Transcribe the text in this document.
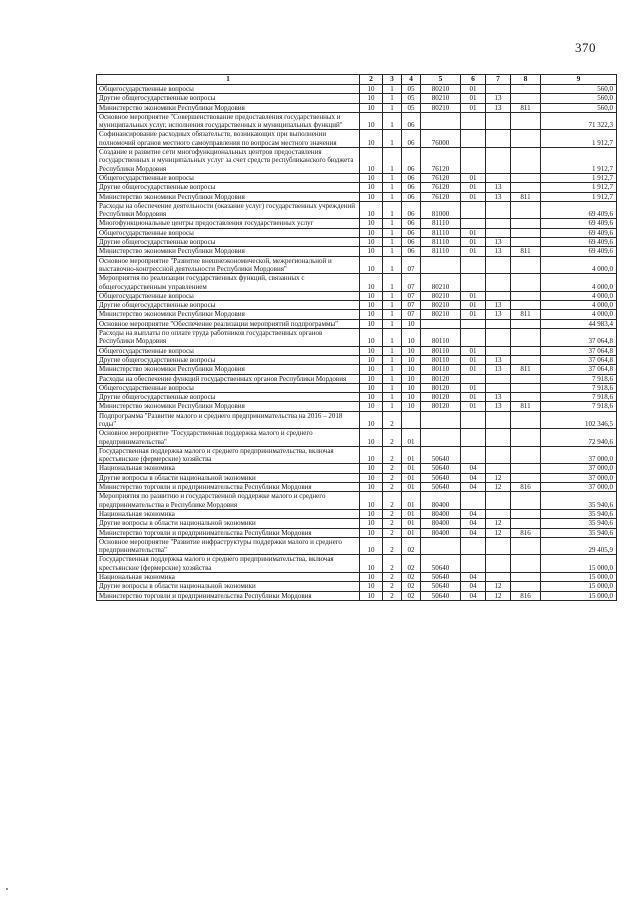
370
1	2	3	4	5	6	7	8	9
Общегосударственные вопросы	10	1	05	80210	01			560,0
Другие общегосударственные вопросы	10	1	05	80210	01	13		560,0
Министерство экономики Республики Мордовия	10	1	05	80210	01	13	811	560,0
Основное мероприятие "Совершенствование предоставления государственных и муниципальных услуг, исполнения государственных и муниципальных функций"	10	1	06					71 322,3
Софинансирование расходных обязательств, возникающих при выполнении полномочий органов местного самоуправления по вопросам местного значения	10	1	06	76000				1 912,7
Создание и развитие сети многофункциональных центров предоставления государственных и муниципальных услуг за счет средств республиканского бюджета Республики Мордовия	10	1	06	76120				1 912,7
Общегосударственные вопросы	10	1	06	76120	01			1 912,7
Другие общегосударственные вопросы	10	1	06	76120	01	13		1 912,7
Министерство экономики Республики Мордовия	10	1	06	76120	01	13	811	1 912,7
Расходы на обеспечение деятельности (оказание услуг) государственных учреждений Республики Мордовия	10	1	06	81000				69 409,6
Многофункциональные центры предоставления государственных услуг	10	1	06	81110				69 409,6
Общегосударственные вопросы	10	1	06	81110	01			69 409,6
Другие общегосударственные вопросы	10	1	06	81110	01	13		69 409,6
Министерство экономики Республики Мордовия	10	1	06	81110	01	13	811	69 409,6
Основное мероприятие "Развитие внешнеэкономической, межрегиональной и выставочно-конгрессной деятельности Республики Мордовия"	10	1	07					4 000,0
Мероприятия по реализации государственных функций, связанных с общегосударственным управлением	10	1	07	80210				4 000,0
Общегосударственные вопросы	10	1	07	80210	01			4 000,0
Другие общегосударственные вопросы	10	1	07	80210	01	13		4 000,0
Министерство экономики Республики Мордовия	10	1	07	80210	01	13	811	4 000,0
Основное мероприятие "Обеспечение реализации мероприятий подпрограммы"	10	1	10					44 983,4
Расходы на выплаты по оплате труда работников государственных органов Республики Мордовия	10	1	10	80110				37 064,8
Общегосударственные вопросы	10	1	10	80110	01			37 064,8
Другие общегосударственные вопросы	10	1	10	80110	01	13		37 064,8
Министерство экономики Республики Мордовия	10	1	10	80110	01	13	811	37 064,8
Расходы на обеспечение функций государственных органов Республики Мордовия	10	1	10	80120				7 918,6
Общегосударственные вопросы	10	1	10	80120	01			7 918,6
Другие общегосударственные вопросы	10	1	10	80120	01	13		7 918,6
Министерство экономики Республики Мордовия	10	1	10	80120	01	13	811	7 918,6
Подпрограмма "Развитие малого и среднего предпринимательства на 2016 – 2018 годы"	10	2						102 346,5
Основное мероприятие "Государственная поддержка малого и среднего предпринимательства"	10	2	01					72 940,6
Государственная поддержка малого и среднего предпринимательства, включая крестьянские (фермерские) хозяйства	10	2	01	50640				37 000,0
Национальная экономика	10	2	01	50640	04			37 000,0
Другие вопросы в области национальной экономики	10	2	01	50640	04	12		37 000,0
Министерство торговли и предпринимательства Республики Мордовия	10	2	01	50640	04	12	816	37 000,0
Мероприятия по развитию и государственной поддержке малого и среднего предпринимательства в Республике Мордовия	10	2	01	80400				35 940,6
Национальная экономика	10	2	01	80400	04			35 940,6
Другие вопросы в области национальной экономики	10	2	01	80400	04	12		35 940,6
Министерство торговли и предпринимательства Республики Мордовия	10	2	01	80400	04	12	816	35 940,6
Основное мероприятие "Развитие инфраструктуры поддержки малого и среднего предпринимательства"	10	2	02					29 405,9
Государственная поддержка малого и среднего предпринимательства, включая крестьянские (фермерские) хозяйства	10	2	02	50640				15 000,0
Национальная экономика	10	2	02	50640	04			15 000,0
Другие вопросы в области национальной экономики	10	2	02	50640	04	12		15 000,0
Министерство торговли и предпринимательства Республики Мордовия	10	2	02	50640	04	12	816	15 000,0
